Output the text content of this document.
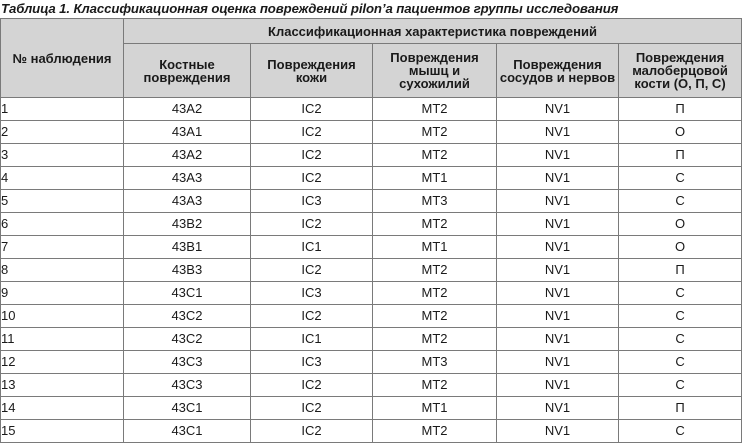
Таблица 1. Классификационная оценка повреждений pilon’а пациентов группы исследования
№ наблюдения	Классификационная характеристика повреждений				
	Костные повреждения	Повреждения кожи	Повреждения мышц и сухожилий	Повреждения сосудов и нервов	Повреждения малоберцовой кости (О, П, С)
1	43A2	IC2	MT2	NV1	П
2	43A1	IC2	MT2	NV1	О
3	43A2	IC2	MT2	NV1	П
4	43A3	IC2	MT1	NV1	С
5	43A3	IC3	MT3	NV1	С
6	43B2	IC2	MT2	NV1	О
7	43B1	IC1	MT1	NV1	О
8	43B3	IC2	MT2	NV1	П
9	43C1	IC3	MT2	NV1	С
10	43C2	IC2	MT2	NV1	С
11	43C2	IC1	MT2	NV1	С
12	43C3	IC3	MT3	NV1	С
13	43C3	IC2	MT2	NV1	С
14	43C1	IC2	MT1	NV1	П
15	43C1	IC2	MT2	NV1	С
